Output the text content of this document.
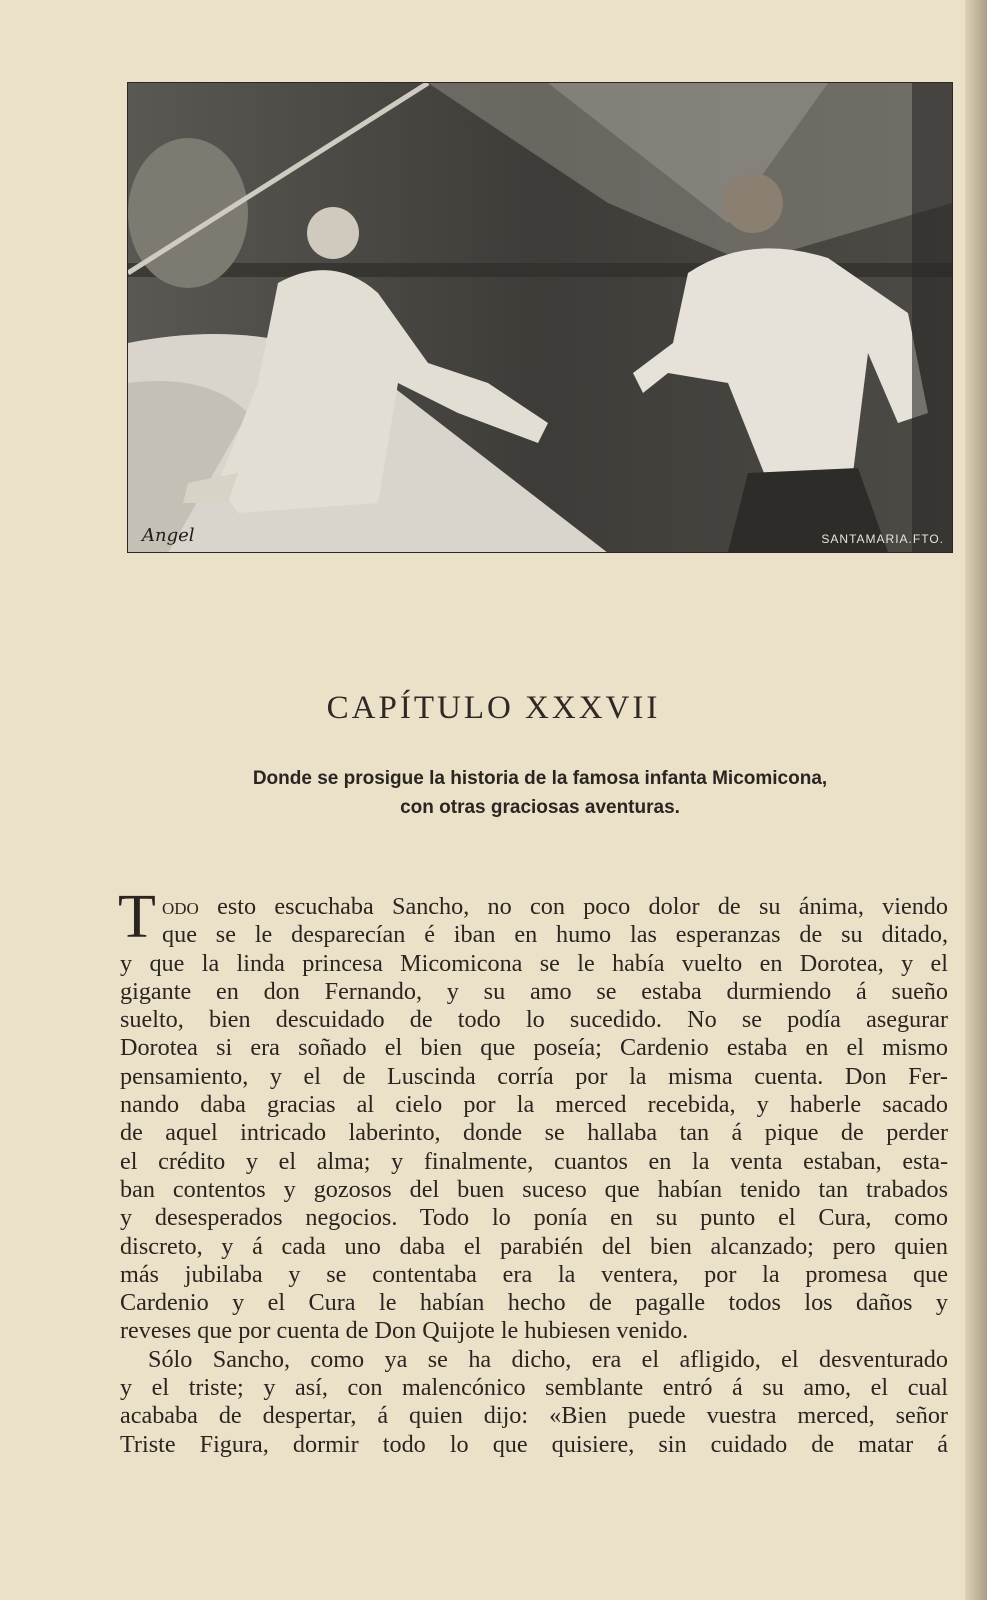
Angel	SANTAMARIA.FTO.
CAPÍTULO XXXVII
Donde se prosigue la historia de la famosa infanta Micomicona,
con otras graciosas aventuras.
T odo esto escuchaba Sancho, no con poco dolor de su ánima, viendo
que se le desparecían é iban en humo las esperanzas de su ditado,
y que la linda princesa Micomicona se le había vuelto en Dorotea, y el
gigante en don Fernando, y su amo se estaba durmiendo á sueño
suelto, bien descuidado de todo lo sucedido. No se podía asegurar
Dorotea si era soñado el bien que poseía; Cardenio estaba en el mismo
pensamiento, y el de Luscinda corría por la misma cuenta. Don Fer-
nando daba gracias al cielo por la merced recebida, y haberle sacado
de aquel intricado laberinto, donde se hallaba tan á pique de perder
el crédito y el alma; y finalmente, cuantos en la venta estaban, esta-
ban contentos y gozosos del buen suceso que habían tenido tan trabados
y desesperados negocios. Todo lo ponía en su punto el Cura, como
discreto, y á cada uno daba el parabién del bien alcanzado; pero quien
más jubilaba y se contentaba era la ventera, por la promesa que
Cardenio y el Cura le habían hecho de pagalle todos los daños y
reveses que por cuenta de Don Quijote le hubiesen venido.
Sólo Sancho, como ya se ha dicho, era el afligido, el desventurado
y el triste; y así, con malencónico semblante entró á su amo, el cual
acababa de despertar, á quien dijo: «Bien puede vuestra merced, señor
Triste Figura, dormir todo lo que quisiere, sin cuidado de matar á
